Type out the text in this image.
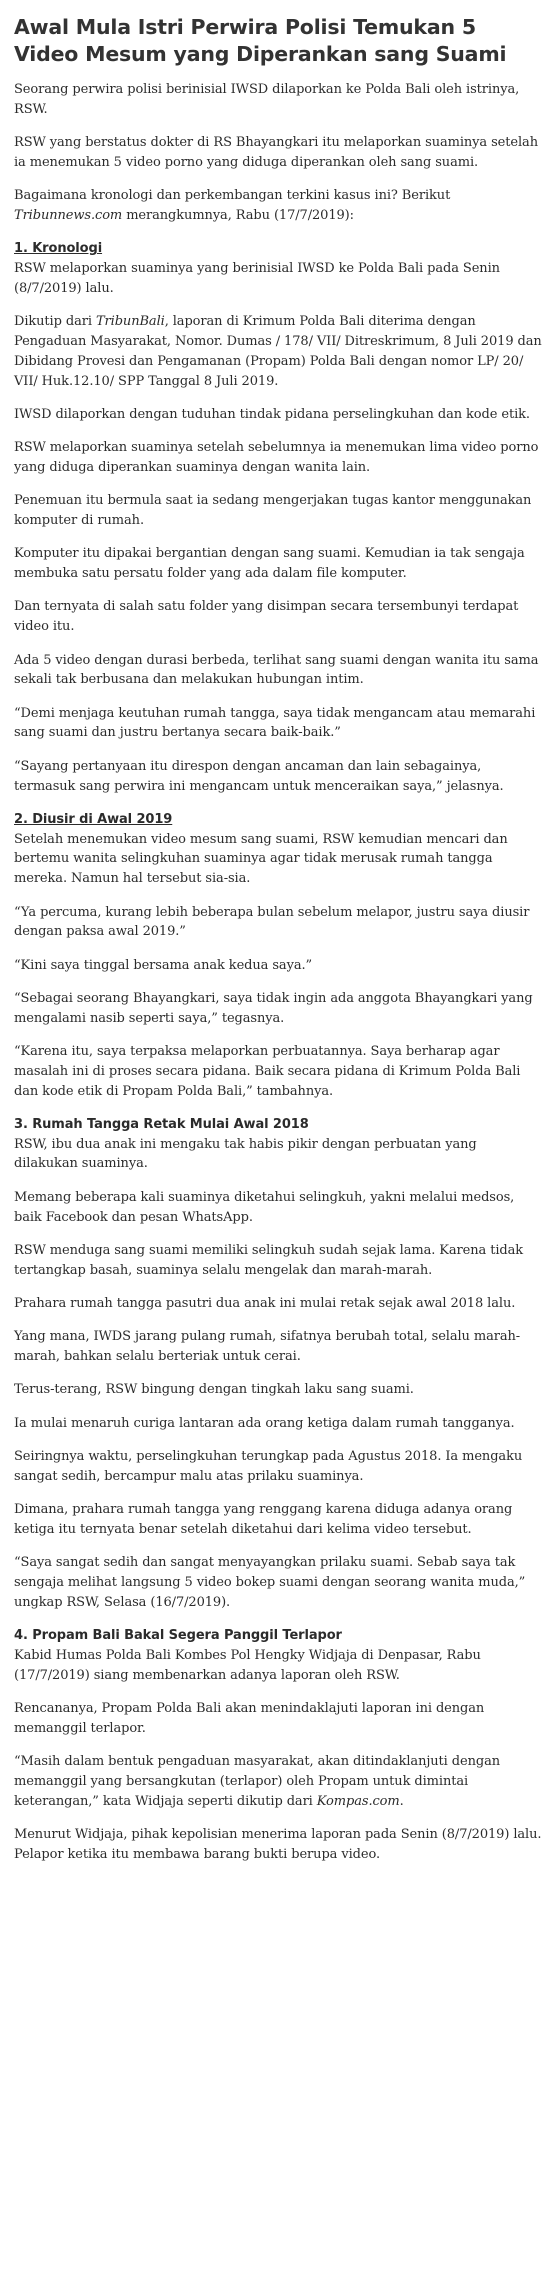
Awal Mula Istri Perwira Polisi Temukan 5 Video Mesum yang Diperankan sang Suami

Seorang perwira polisi berinisial IWSD dilaporkan ke Polda Bali oleh istrinya, RSW.

RSW yang berstatus dokter di RS Bhayangkari itu melaporkan suaminya setelah ia menemukan 5 video porno yang diduga diperankan oleh sang suami.

Bagaimana kronologi dan perkembangan terkini kasus ini? Berikut Tribunnews.com merangkumnya, Rabu (17/7/2019):

1. Kronologi

RSW melaporkan suaminya yang berinisial IWSD ke Polda Bali pada Senin (8/7/2019) lalu.

Dikutip dari TribunBali, laporan di Krimum Polda Bali diterima dengan Pengaduan Masyarakat, Nomor. Dumas / 178/ VII/ Ditreskrimum, 8 Juli 2019 dan Dibidang Provesi dan Pengamanan (Propam) Polda Bali dengan nomor LP/ 20/ VII/ Huk.12.10/ SPP Tanggal 8 Juli 2019.

IWSD dilaporkan dengan tuduhan tindak pidana perselingkuhan dan kode etik.

RSW melaporkan suaminya setelah sebelumnya ia menemukan lima video porno yang diduga diperankan suaminya dengan wanita lain.

Penemuan itu bermula saat ia sedang mengerjakan tugas kantor menggunakan komputer di rumah.

Komputer itu dipakai bergantian dengan sang suami. Kemudian ia tak sengaja membuka satu persatu folder yang ada dalam file komputer.

Dan ternyata di salah satu folder yang disimpan secara tersembunyi terdapat video itu.

Ada 5 video dengan durasi berbeda, terlihat sang suami dengan wanita itu sama sekali tak berbusana dan melakukan hubungan intim.

“Demi menjaga keutuhan rumah tangga, saya tidak mengancam atau memarahi sang suami dan justru bertanya secara baik-baik.”

“Sayang pertanyaan itu direspon dengan ancaman dan lain sebagainya, termasuk sang perwira ini mengancam untuk menceraikan saya,” jelasnya.

2. Diusir di Awal 2019

Setelah menemukan video mesum sang suami, RSW kemudian mencari dan bertemu wanita selingkuhan suaminya agar tidak merusak rumah tangga mereka. Namun hal tersebut sia-sia.

“Ya percuma, kurang lebih beberapa bulan sebelum melapor, justru saya diusir dengan paksa awal 2019.”

“Kini saya tinggal bersama anak kedua saya.”

“Sebagai seorang Bhayangkari, saya tidak ingin ada anggota Bhayangkari yang mengalami nasib seperti saya,” tegasnya.

“Karena itu, saya terpaksa melaporkan perbuatannya. Saya berharap agar masalah ini di proses secara pidana. Baik secara pidana di Krimum Polda Bali dan kode etik di Propam Polda Bali,” tambahnya.

3. Rumah Tangga Retak Mulai Awal 2018

RSW, ibu dua anak ini mengaku tak habis pikir dengan perbuatan yang dilakukan suaminya.

Memang beberapa kali suaminya diketahui selingkuh, yakni melalui medsos, baik Facebook dan pesan WhatsApp.

RSW menduga sang suami memiliki selingkuh sudah sejak lama. Karena tidak tertangkap basah, suaminya selalu mengelak dan marah-marah.

Prahara rumah tangga pasutri dua anak ini mulai retak sejak awal 2018 lalu.

Yang mana, IWDS jarang pulang rumah, sifatnya berubah total, selalu marah-marah, bahkan selalu berteriak untuk cerai.

Terus-terang, RSW bingung dengan tingkah laku sang suami.

Ia mulai menaruh curiga lantaran ada orang ketiga dalam rumah tangganya.

Seiringnya waktu, perselingkuhan terungkap pada Agustus 2018. Ia mengaku sangat sedih, bercampur malu atas prilaku suaminya.

Dimana, prahara rumah tangga yang renggang karena diduga adanya orang ketiga itu ternyata benar setelah diketahui dari kelima video tersebut.

“Saya sangat sedih dan sangat menyayangkan prilaku suami. Sebab saya tak sengaja melihat langsung 5 video bokep suami dengan seorang wanita muda,” ungkap RSW, Selasa (16/7/2019).

4. Propam Bali Bakal Segera Panggil Terlapor

Kabid Humas Polda Bali Kombes Pol Hengky Widjaja di Denpasar, Rabu (17/7/2019) siang membenarkan adanya laporan oleh RSW.

Rencananya, Propam Polda Bali akan menindaklajuti laporan ini dengan memanggil terlapor.

“Masih dalam bentuk pengaduan masyarakat, akan ditindaklanjuti dengan memanggil yang bersangkutan (terlapor) oleh Propam untuk dimintai keterangan,” kata Widjaja seperti dikutip dari Kompas.com.

Menurut Widjaja, pihak kepolisian menerima laporan pada Senin (8/7/2019) lalu. Pelapor ketika itu membawa barang bukti berupa video.
